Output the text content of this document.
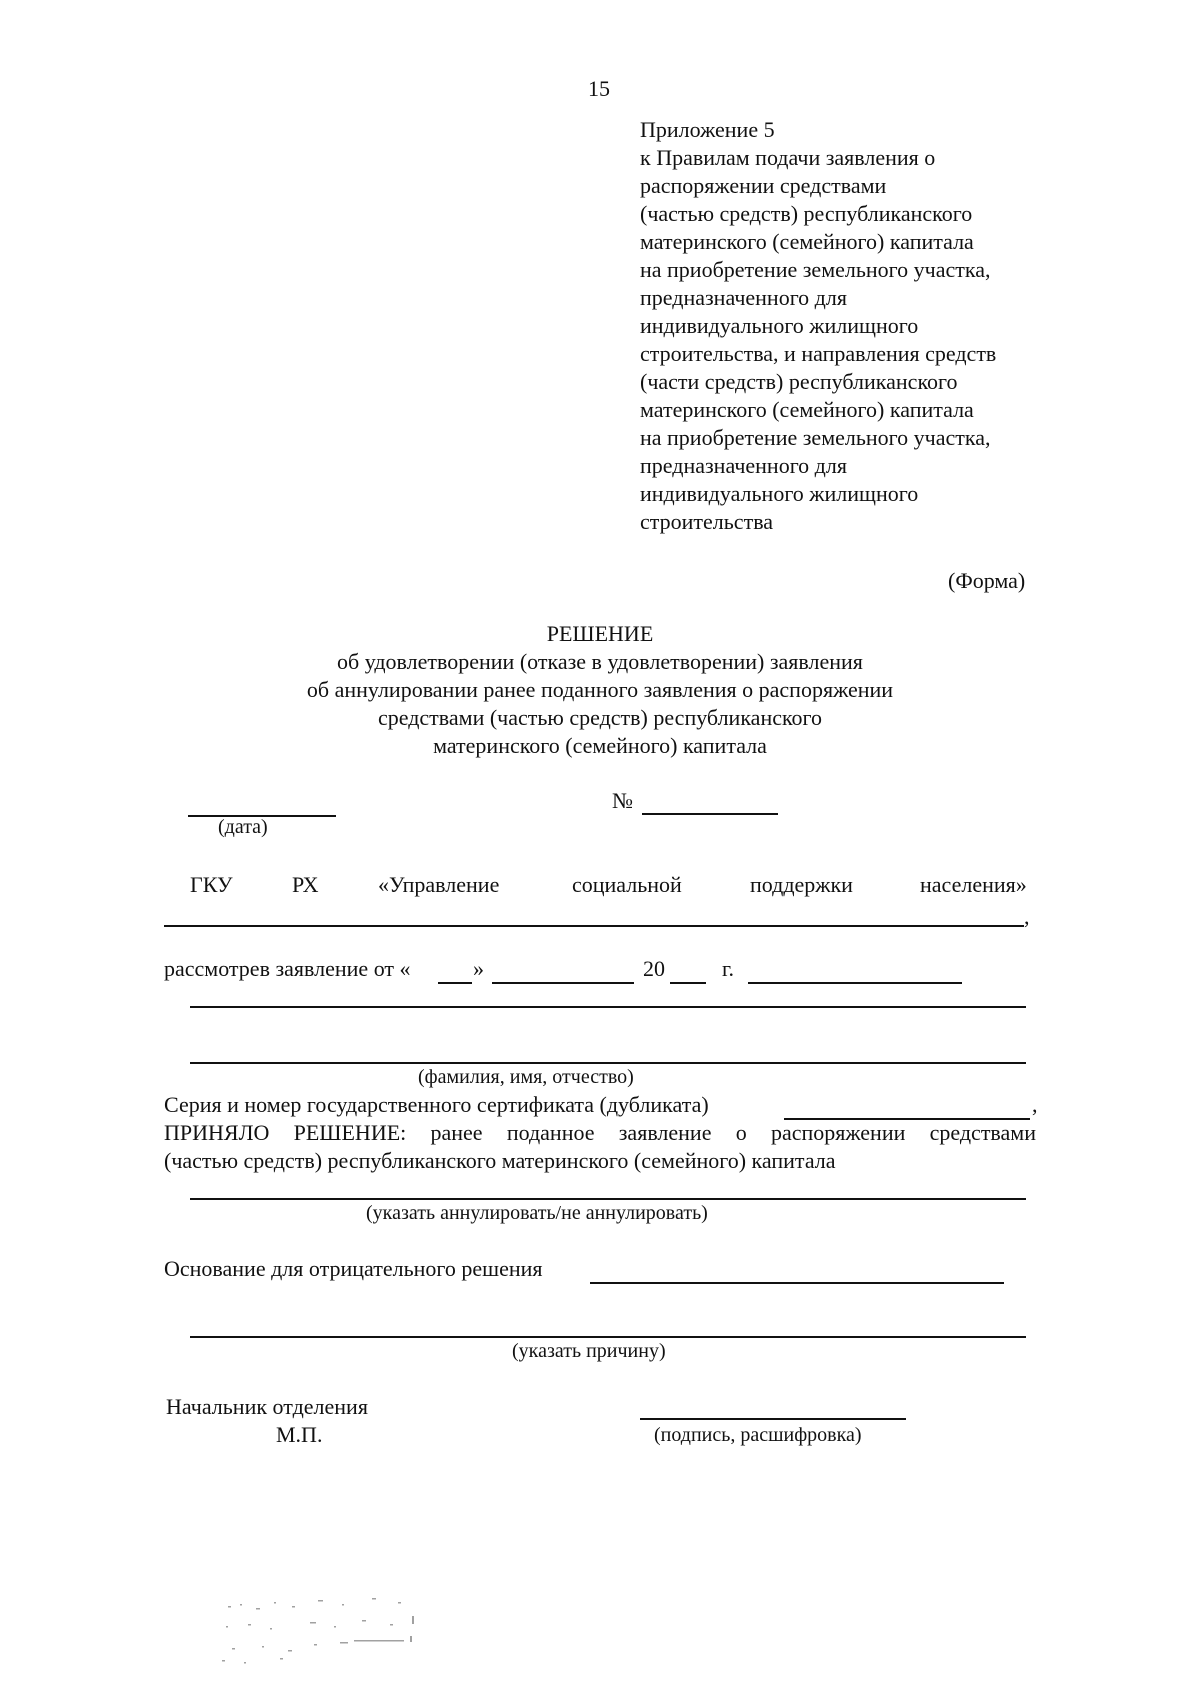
15
Приложение 5
к Правилам подачи заявления о
распоряжении средствами
(частью средств) республиканского
материнского (семейного) капитала
на приобретение земельного участка,
предназначенного для
индивидуального жилищного
строительства, и направления средств
(части средств) республиканского
материнского (семейного) капитала
на приобретение земельного участка,
предназначенного для
индивидуального жилищного
строительства
(Форма)
РЕШЕНИЕ
об удовлетворении (отказе в удовлетворении) заявления
об аннулировании ранее поданного заявления о распоряжении
средствами (частью средств) республиканского
материнского (семейного) капитала
(дата)
№
ГКУ	РХ	«Управление	социальной	поддержки	населения»
,
рассмотрев заявление от «	»	20	г.
(фамилия, имя, отчество)
Серия и номер государственного сертификата (дубликата)	,
ПРИНЯЛО РЕШЕНИЕ: ранее поданное заявление о распоряжении средствами
(частью средств) республиканского материнского (семейного) капитала
(указать аннулировать/не аннулировать)
Основание для отрицательного решения
(указать причину)
Начальник отделения
М.П.	(подпись, расшифровка)
